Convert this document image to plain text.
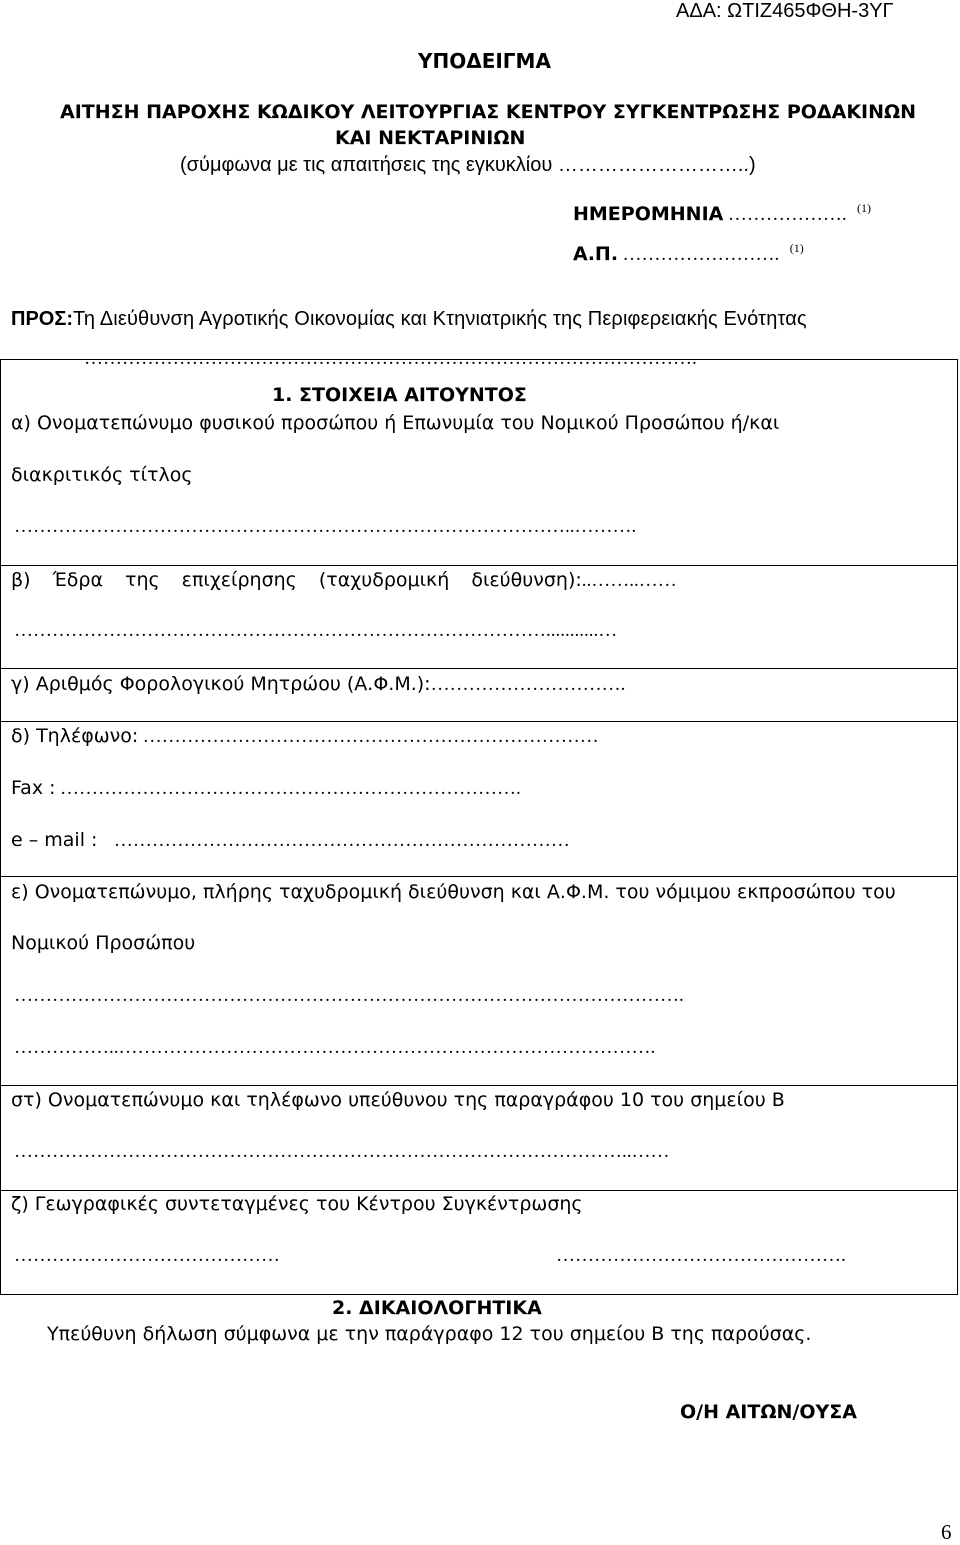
ΑΔΑ: ΩΤΙΖ465ΦΘΗ-3ΥΓ
ΥΠΟΔΕΙΓΜΑ
ΑΙΤΗΣΗ ΠΑΡΟΧΗΣ ΚΩΔΙΚΟΥ ΛΕΙΤΟΥΡΓΙΑΣ ΚΕΝΤΡΟΥ ΣΥΓΚΕΝΤΡΩΣΗΣ ΡΟΔΑΚΙΝΩΝ
ΚΑΙ ΝΕΚΤΑΡΙΝΙΩΝ
(σύμφωνα με τις απαιτήσεις της εγκυκλίου ………………………..)
ΗΜΕΡΟΜΗΝΙΑ ………………. $^{(1)}$
Α.Π. ……………………. $^{(1)}$
ΠΡΟΣ:Τη Διεύθυνση Αγροτικής Οικονομίας και Κτηνιατρικής της Περιφερειακής Ενότητας
…………………………………………………………………………………….
1. ΣΤΟΙΧΕΙΑ ΑΙΤΟΥΝΤΟΣ
α) Ονοματεπώνυμο φυσικού προσώπου ή Επωνυμία του Νομικού Προσώπου ή/και
διακριτικός τίτλος
……………………………………………………………………………..……….
β) Έδρα της επιχείρησης (ταχυδρομική διεύθυνση):..……..……
…………………………………………………………………………...........…
γ) Αριθμός Φορολογικού Μητρώου (Α.Φ.Μ.):………………………….
δ) Τηλέφωνο: ………………………………………………………………
Fax : ……………………………………………………………….
e – mail : ………………………………………………………………
ε) Ονοματεπώνυμο, πλήρης ταχυδρομική διεύθυνση και Α.Φ.Μ. του νόμιμου εκπροσώπου του
Νομικού Προσώπου
…………………………………………………………………………………………….
……………..………………………………………………………………………….
στ) Ονοματεπώνυμο και τηλέφωνο υπεύθυνου της παραγράφου 10 του σημείου Β
……………………………………………………………………………………..……
ζ) Γεωγραφικές συντεταγμένες του Κέντρου Συγκέντρωσης
……………………………………	……………………………………….
2. ΔΙΚΑΙΟΛΟΓΗΤΙΚΑ
Υπεύθυνη δήλωση σύμφωνα με την παράγραφο 12 του σημείου Β της παρούσας.
Ο/Η ΑΙΤΩΝ/ΟΥΣΑ
6
